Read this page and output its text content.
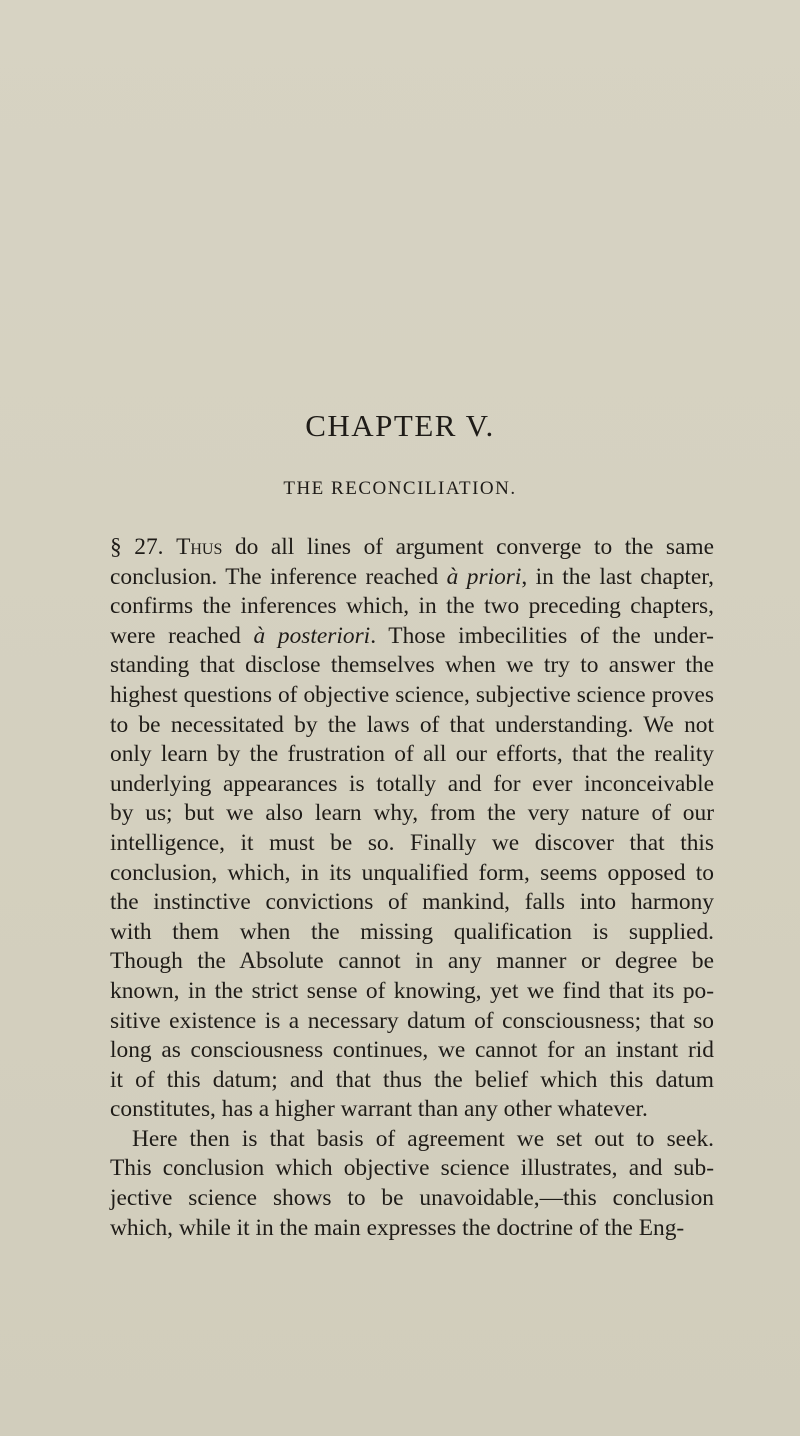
CHAPTER V.
THE RECONCILIATION.
§ 27. Thus do all lines of argument converge to the same
conclusion. The inference reached à priori, in the last chapter,
confirms the inferences which, in the two preceding chapters,
were reached à posteriori. Those imbecilities of the under-
standing that disclose themselves when we try to answer the
highest questions of objective science, subjective science proves
to be necessitated by the laws of that understanding. We not
only learn by the frustration of all our efforts, that the reality
underlying appearances is totally and for ever inconceivable
by us; but we also learn why, from the very nature of our
intelligence, it must be so. Finally we discover that this
conclusion, which, in its unqualified form, seems opposed to
the instinctive convictions of mankind, falls into harmony
with them when the missing qualification is supplied.
Though the Absolute cannot in any manner or degree be
known, in the strict sense of knowing, yet we find that its po-
sitive existence is a necessary datum of consciousness; that so
long as consciousness continues, we cannot for an instant rid
it of this datum; and that thus the belief which this datum
constitutes, has a higher warrant than any other whatever.
Here then is that basis of agreement we set out to seek.
This conclusion which objective science illustrates, and sub-
jective science shows to be unavoidable,—this conclusion
which, while it in the main expresses the doctrine of the Eng-
